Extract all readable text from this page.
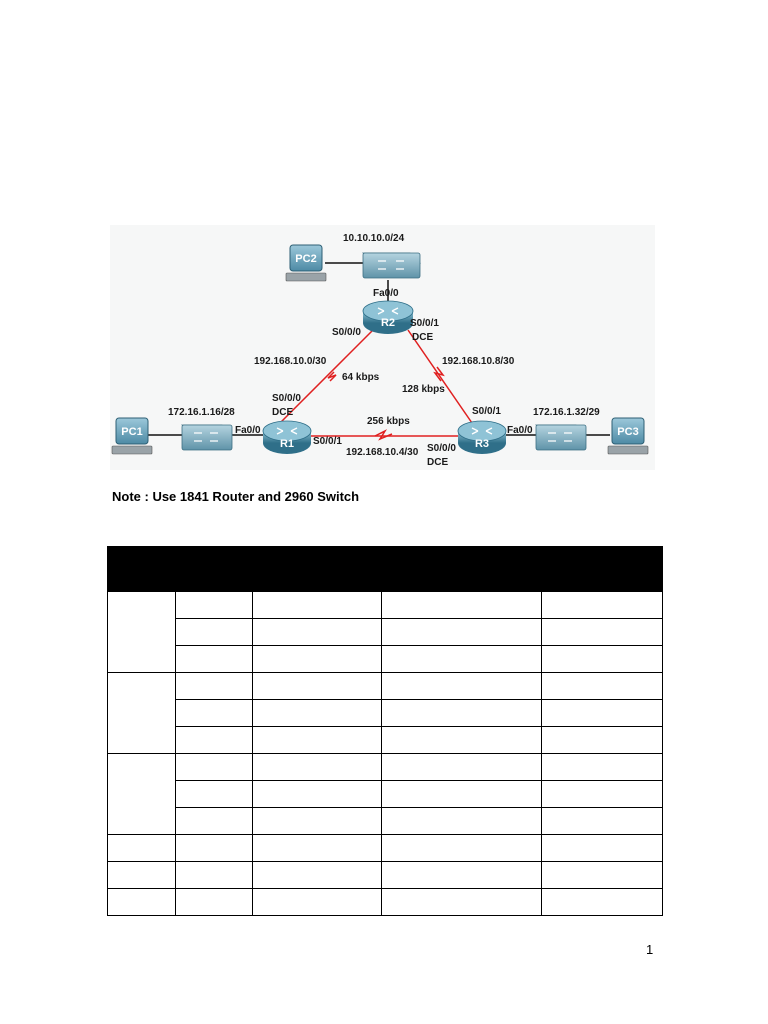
PC2
R2
PC1
R1	R3
PC3
10.10.10.0/24
Fa0/0
S0/0/0
S0/0/1
DCE
192.168.10.0/30
64 kbps
192.168.10.8/30
128 kbps
S0/0/0
DCE
172.16.1.16/28
Fa0/0
S0/0/1
256 kbps
192.168.10.4/30
S0/0/1	172.16.1.32/29
Fa0/0
S0/0/0
DCE

Note : Use 1841 Router and 2960 Switch

1
